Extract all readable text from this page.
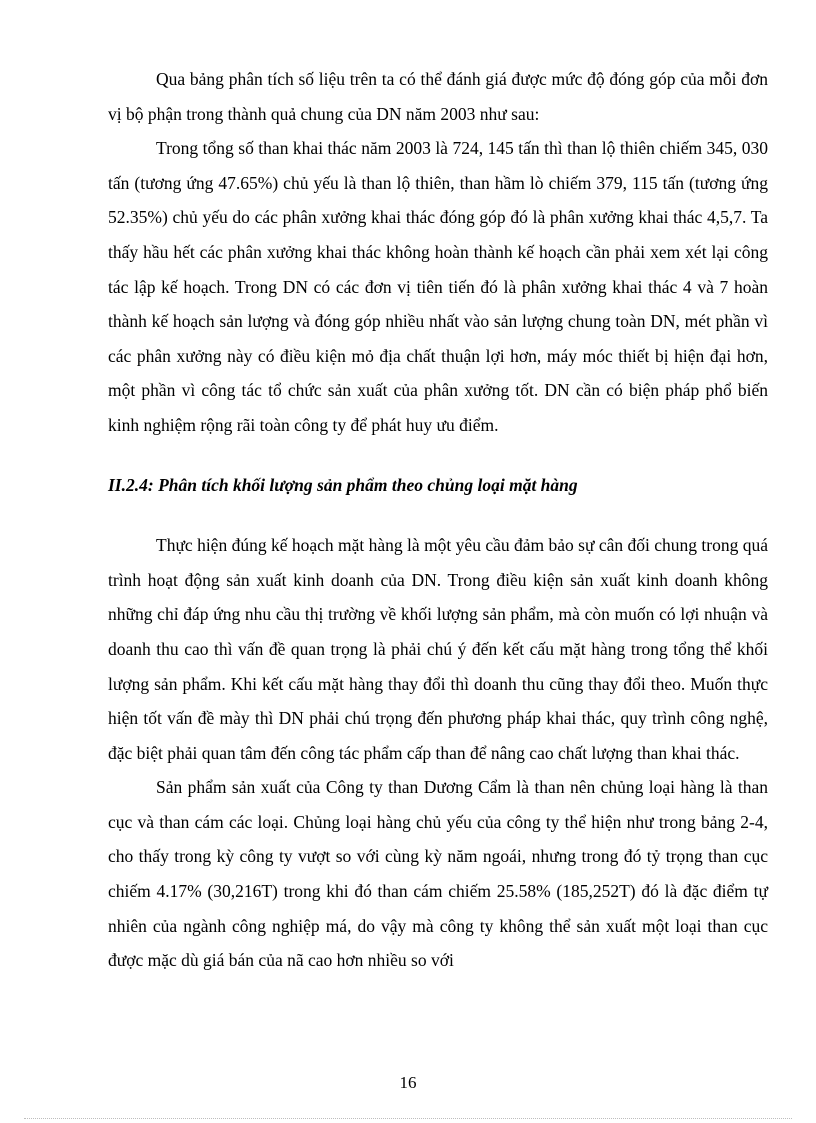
Qua bảng phân tích số liệu trên ta có thể đánh giá được mức độ đóng góp của mỗi đơn vị bộ phận trong thành quả chung của DN năm 2003 như sau:

Trong tổng số than khai thác năm 2003 là 724, 145 tấn thì than lộ thiên chiếm 345, 030 tấn (tương ứng 47.65%) chủ yếu là than lộ thiên, than hầm lò chiếm 379, 115 tấn (tương ứng 52.35%) chủ yếu do các phân xưởng khai thác đóng góp đó là phân xưởng khai thác 4,5,7. Ta thấy hầu hết các phân xưởng khai thác không hoàn thành kế hoạch cần phải xem xét lại công tác lập kế hoạch. Trong DN có các đơn vị tiên tiến đó là phân xưởng khai thác 4 và 7 hoàn thành kế hoạch sản lượng và đóng góp nhiều nhất vào sản lượng chung toàn DN, mét phần vì các phân xưởng này có điều kiện mỏ địa chất thuận lợi hơn, máy móc thiết bị hiện đại hơn, một phần vì công tác tổ chức sản xuất của phân xưởng tốt. DN cần có biện pháp phổ biến kinh nghiệm rộng rãi toàn công ty để phát huy ưu điểm.

II.2.4: Phân tích khối lượng sản phẩm theo chủng loại mặt hàng

Thực hiện đúng kế hoạch mặt hàng là một yêu cầu đảm bảo sự cân đối chung trong quá trình hoạt động sản xuất kinh doanh của DN. Trong điều kiện sản xuất kinh doanh không những chỉ đáp ứng nhu cầu thị trường về khối lượng sản phẩm, mà còn muốn có lợi nhuận và doanh thu cao thì vấn đề quan trọng là phải chú ý đến kết cấu mặt hàng trong tổng thể khối lượng sản phẩm. Khi kết cấu mặt hàng thay đổi thì doanh thu cũng thay đổi theo. Muốn thực hiện tốt vấn đề mày thì DN phải chú trọng đến phương pháp khai thác, quy trình công nghệ, đặc biệt phải quan tâm đến công tác phẩm cấp than để nâng cao chất lượng than khai thác.

Sản phẩm sản xuất của Công ty than Dương Cẩm là than nên chủng loại hàng là than cục và than cám các loại. Chủng loại hàng chủ yếu của công ty thể hiện như trong bảng 2-4, cho thấy trong kỳ công ty vượt so với cùng kỳ năm ngoái, nhưng trong đó tỷ trọng than cục chiếm 4.17% (30,216T) trong khi đó than cám chiếm 25.58% (185,252T) đó là đặc điểm tự nhiên của ngành công nghiệp má, do vậy mà công ty không thể sản xuất một loại than cục được mặc dù giá bán của nã cao hơn nhiều so với

16
